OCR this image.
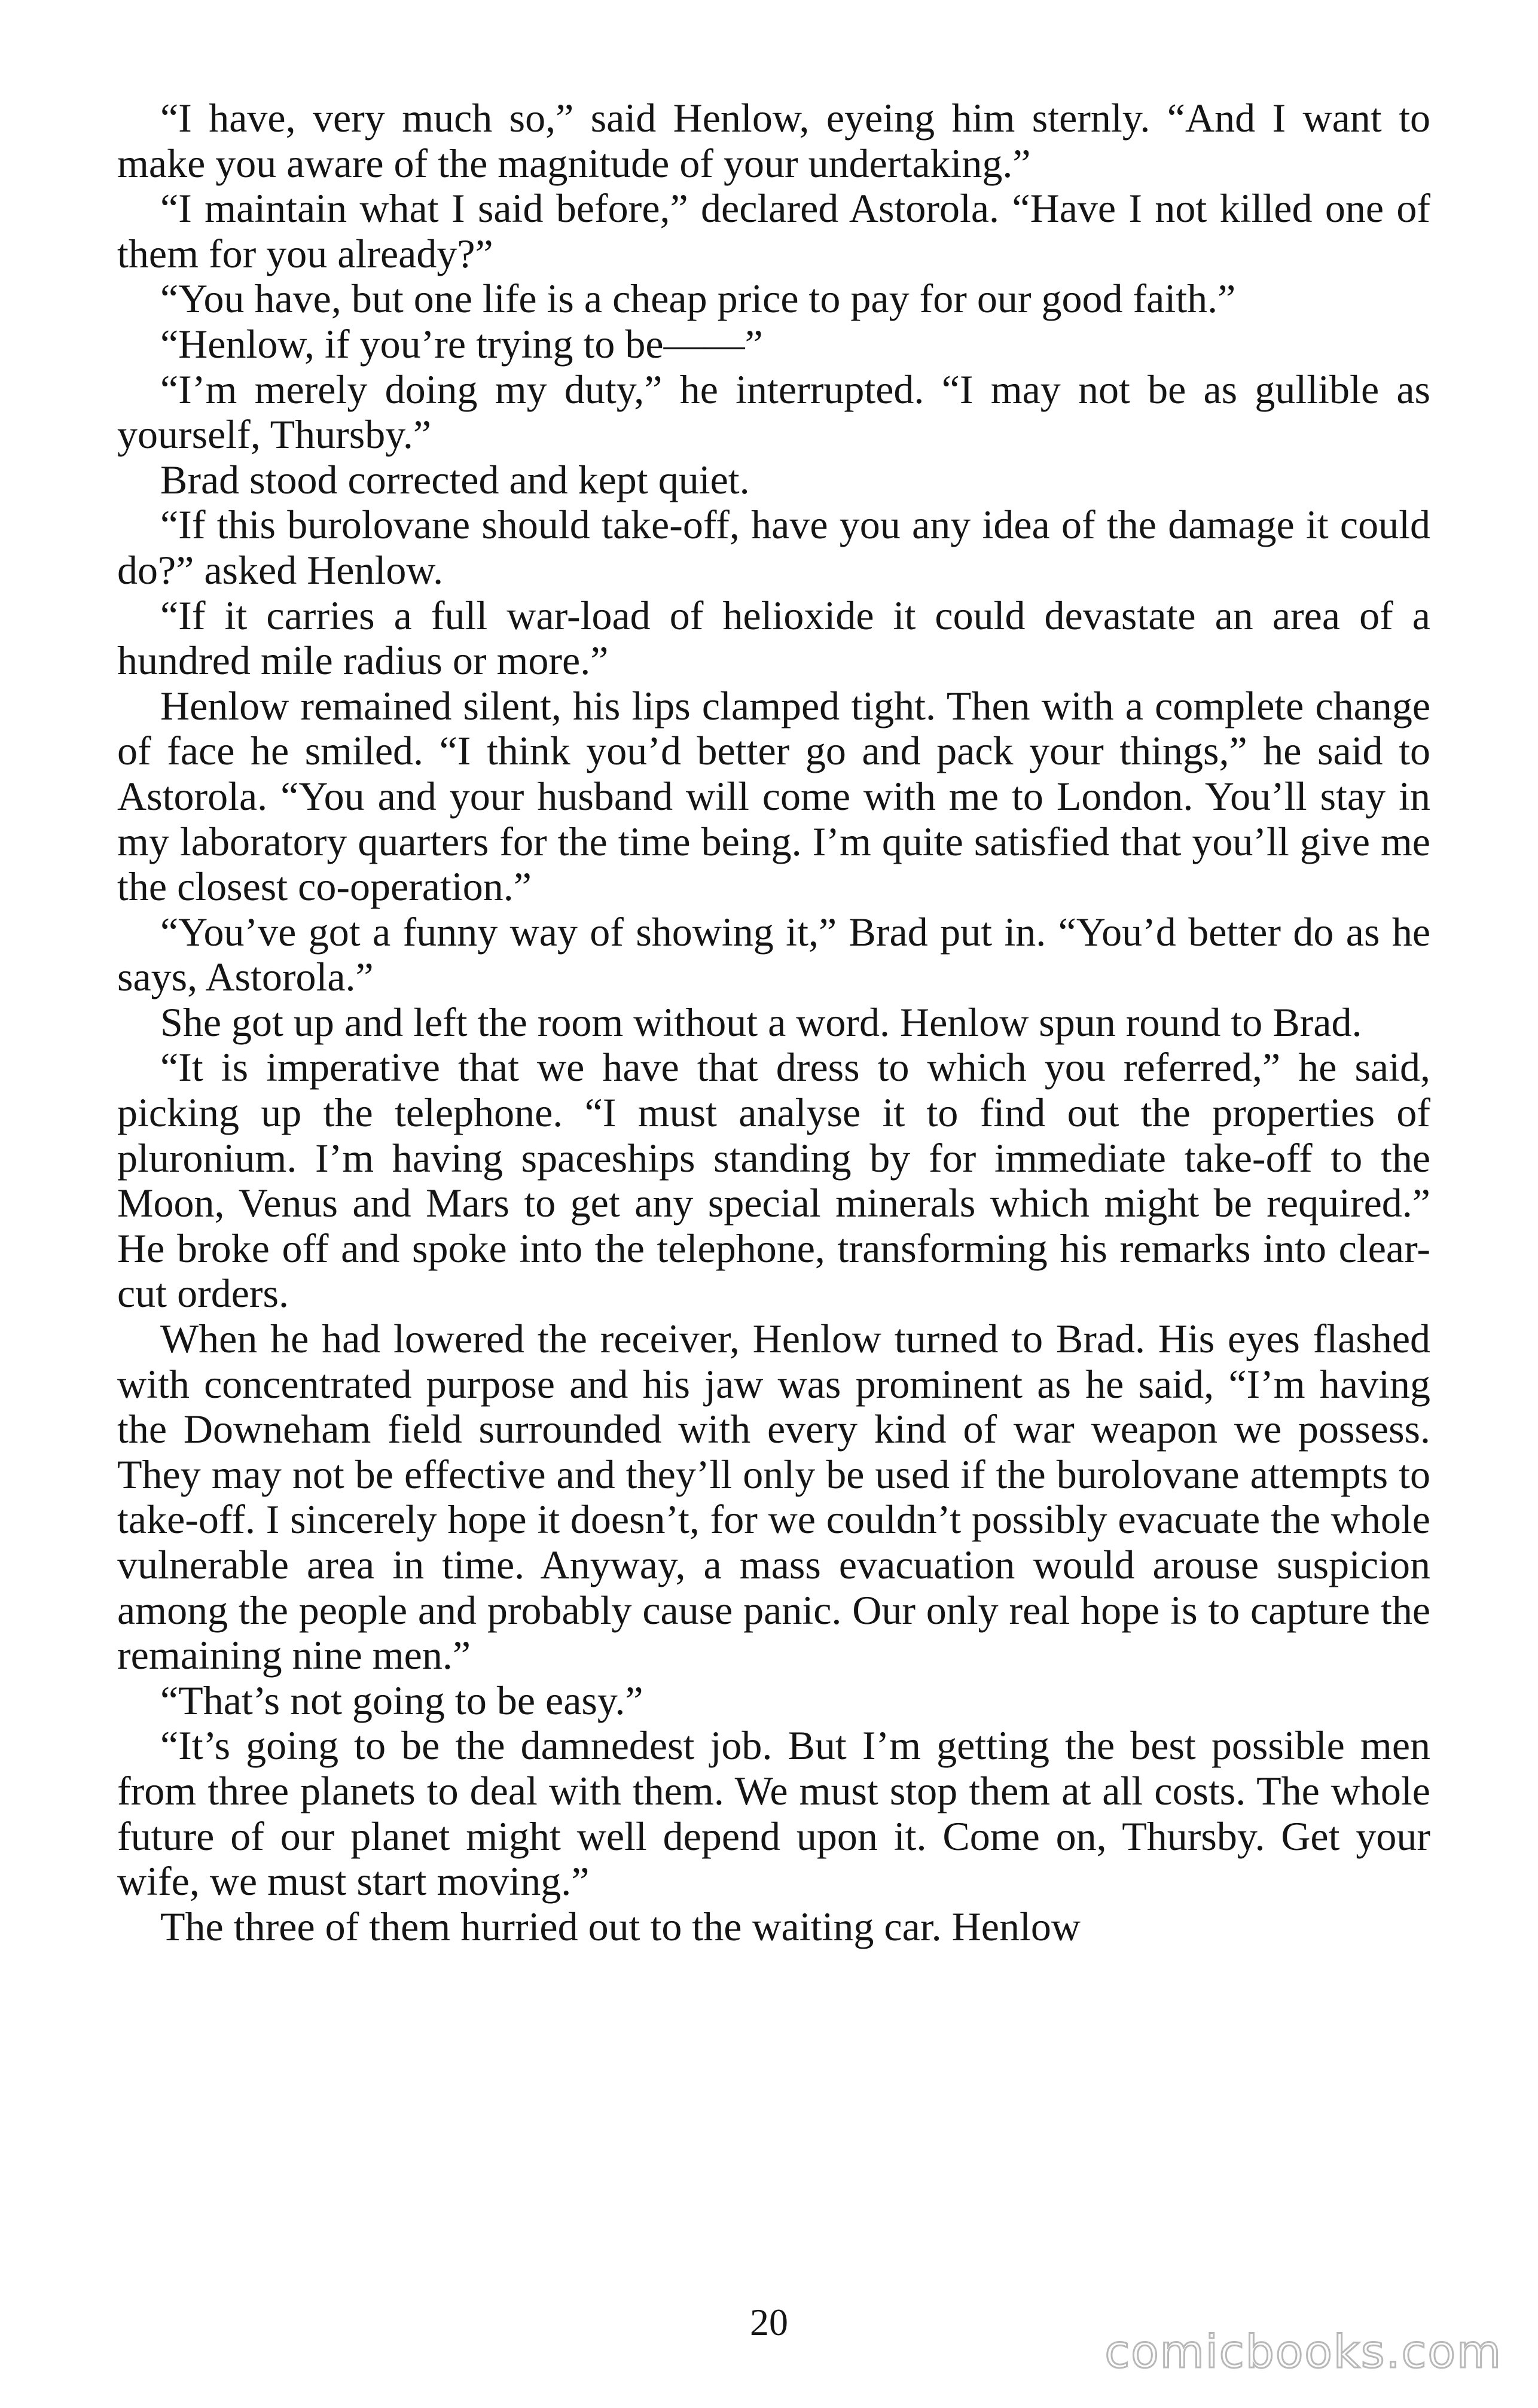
“I have, very much so,” said Henlow, eyeing him sternly. “And I want to make you aware of the magnitude of your undertaking.”

“I maintain what I said before,” declared Astorola. “Have I not killed one of them for you already?”

“You have, but one life is a cheap price to pay for our good faith.”

“Henlow, if you’re trying to be——”

“I’m merely doing my duty,” he interrupted. “I may not be as gullible as yourself, Thursby.”

Brad stood corrected and kept quiet.

“If this burolovane should take-off, have you any idea of the damage it could do?” asked Henlow.

“If it carries a full war-load of helioxide it could devastate an area of a hundred mile radius or more.”

Henlow remained silent, his lips clamped tight. Then with a complete change of face he smiled. “I think you’d better go and pack your things,” he said to Astorola. “You and your husband will come with me to London. You’ll stay in my laboratory quarters for the time being. I’m quite satisfied that you’ll give me the closest co-operation.”

“You’ve got a funny way of showing it,” Brad put in. “You’d better do as he says, Astorola.”

She got up and left the room without a word. Henlow spun round to Brad.

“It is imperative that we have that dress to which you referred,” he said, picking up the telephone. “I must analyse it to find out the properties of pluronium. I’m having spaceships standing by for immediate take-off to the Moon, Venus and Mars to get any special minerals which might be required.” He broke off and spoke into the telephone, transforming his remarks into clear-cut orders.

When he had lowered the receiver, Henlow turned to Brad. His eyes flashed with concentrated purpose and his jaw was prominent as he said, “I’m having the Downeham field surrounded with every kind of war weapon we possess. They may not be effective and they’ll only be used if the burolovane attempts to take-off. I sincerely hope it doesn’t, for we couldn’t possibly evacuate the whole vulnerable area in time. Anyway, a mass evacuation would arouse suspicion among the people and probably cause panic. Our only real hope is to capture the remaining nine men.”

“That’s not going to be easy.”

“It’s going to be the damnedest job. But I’m getting the best possible men from three planets to deal with them. We must stop them at all costs. The whole future of our planet might well depend upon it. Come on, Thursby. Get your wife, we must start moving.”

The three of them hurried out to the waiting car. Henlow

20
comicbooks.com
